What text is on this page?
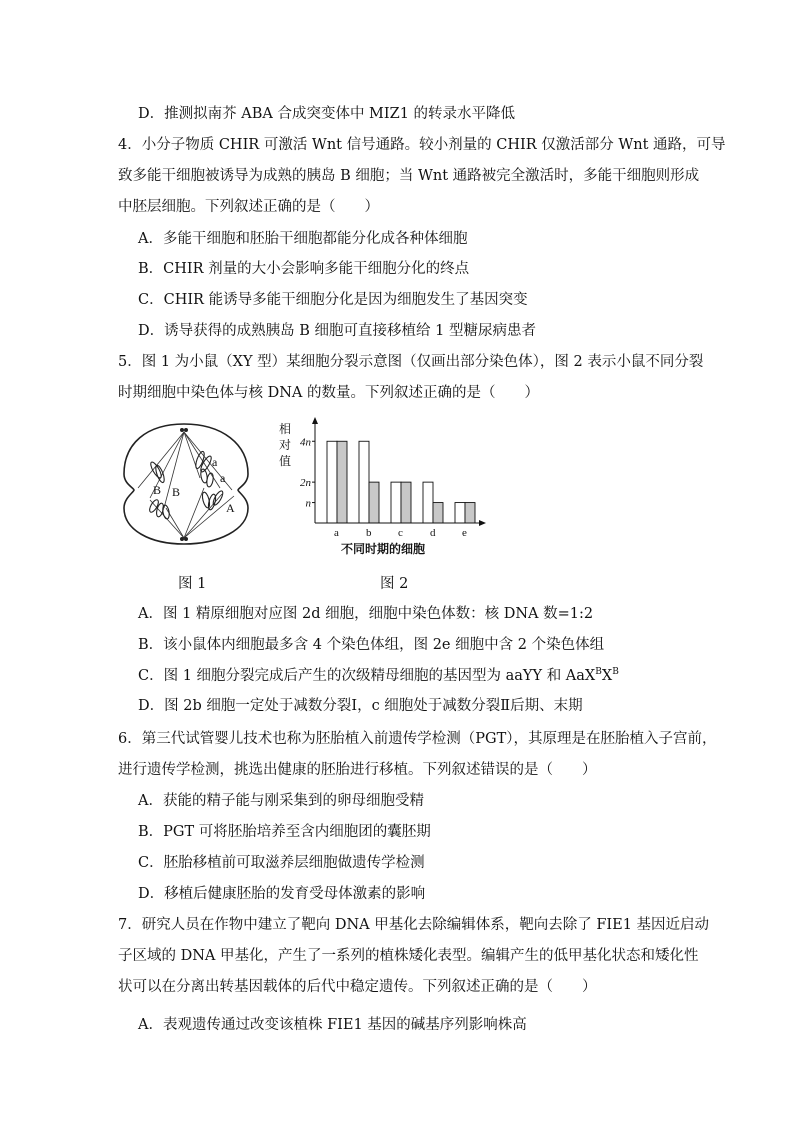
D．推测拟南芥 ABA 合成突变体中 MIZ1 的转录水平降低
4．小分子物质 CHIR 可激活 Wnt 信号通路。较小剂量的 CHIR 仅激活部分 Wnt 通路，可导
致多能干细胞被诱导为成熟的胰岛 B 细胞；当 Wnt 通路被完全激活时，多能干细胞则形成
中胚层细胞。下列叙述正确的是（　　）
A．多能干细胞和胚胎干细胞都能分化成各种体细胞
B．CHIR 剂量的大小会影响多能干细胞分化的终点
C．CHIR 能诱导多能干细胞分化是因为细胞发生了基因突变
D．诱导获得的成熟胰岛 B 细胞可直接移植给 1 型糖尿病患者
5．图 1 为小鼠（XY 型）某细胞分裂示意图（仅画出部分染色体），图 2 表示小鼠不同分裂
时期细胞中染色体与核 DNA 的数量。下列叙述正确的是（　　）
B B
a
a
A
相
对
值
4n
2n
n
a b c d e
不同时期的细胞
图 1	图 2
A．图 1 精原细胞对应图 2d 细胞，细胞中染色体数：核 DNA 数=1:2
B．该小鼠体内细胞最多含 4 个染色体组，图 2e 细胞中含 2 个染色体组
C．图 1 细胞分裂完成后产生的次级精母细胞的基因型为 aaYY 和 $AaX^BX^B$
D．图 2b 细胞一定处于减数分裂Ⅰ，c 细胞处于减数分裂Ⅱ后期、末期
6．第三代试管婴儿技术也称为胚胎植入前遗传学检测（PGT），其原理是在胚胎植入子宫前，
进行遗传学检测，挑选出健康的胚胎进行移植。下列叙述错误的是（　　）
A．获能的精子能与刚采集到的卵母细胞受精
B．PGT 可将胚胎培养至含内细胞团的囊胚期
C．胚胎移植前可取滋养层细胞做遗传学检测
D．移植后健康胚胎的发育受母体激素的影响
7．研究人员在作物中建立了靶向 DNA 甲基化去除编辑体系，靶向去除了 FIE1 基因近启动
子区域的 DNA 甲基化，产生了一系列的植株矮化表型。编辑产生的低甲基化状态和矮化性
状可以在分离出转基因载体的后代中稳定遗传。下列叙述正确的是（　　）
A．表观遗传通过改变该植株 FIE1 基因的碱基序列影响株高
